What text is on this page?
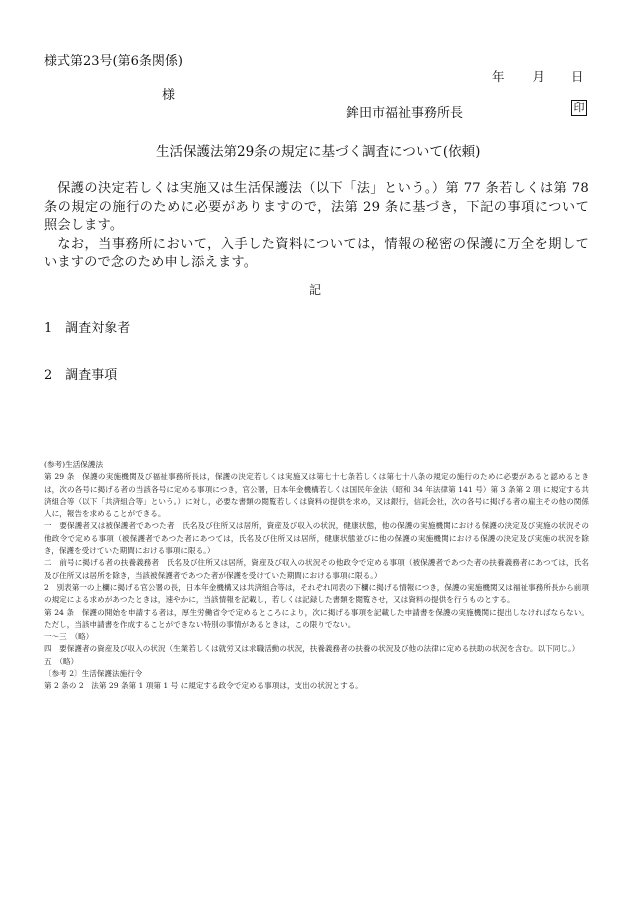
様式第23号(第6条関係)
年 月 日
様
鉾田市福祉事務所長	印
生活保護法第29条の規定に基づく調査について(依頼)

保護の決定若しくは実施又は生活保護法（以下「法」という。）第 77 条若しくは第 78 条の規定の施行のために必要がありますので，法第 29 条に基づき，下記の事項について照会します。

なお，当事務所において，入手した資料については，情報の秘密の保護に万全を期していますので念のため申し添えます。

記
1　調査対象者
2　調査事項
(参考)生活保護法
第 29 条　保護の実施機関及び福祉事務所長は，保護の決定若しくは実施又は第七十七条若しくは第七十八条の規定の施行のために必要があると認めるときは，次の各号に掲げる者の当該各号に定める事項につき，官公署，日本年金機構若しくは国民年金法（昭和 34 年法律第 141 号）第 3 条第 2 項 に規定する共済組合等（以下「共済組合等」という。）に対し，必要な書類の閲覧若しくは資料の提供を求め，又は銀行，信託会社，次の各号に掲げる者の雇主その他の関係人に，報告を求めることができる。
一　要保護者又は被保護者であつた者　氏名及び住所又は居所，資産及び収入の状況，健康状態，他の保護の実施機関における保護の決定及び実施の状況その他政令で定める事項（被保護者であつた者にあつては，氏名及び住所又は居所，健康状態並びに他の保護の実施機関における保護の決定及び実施の状況を除き，保護を受けていた期間における事項に限る。）
二　前号に掲げる者の扶養義務者　氏名及び住所又は居所，資産及び収入の状況その他政令で定める事項（被保護者であつた者の扶養義務者にあつては，氏名及び住所又は居所を除き，当該被保護者であつた者が保護を受けていた期間における事項に限る。）
2　別表第一の上欄に掲げる官公署の長，日本年金機構又は共済組合等は，それぞれ同表の下欄に掲げる情報につき，保護の実施機関又は福祉事務所長から前項の規定による求めがあつたときは，速やかに，当該情報を記載し，若しくは記録した書類を閲覧させ，又は資料の提供を行うものとする。
第 24 条　保護の開始を申請する者は，厚生労働省令で定めるところにより，次に掲げる事項を記載した申請書を保護の実施機関に提出しなければならない。ただし，当該申請書を作成することができない特別の事情があるときは，この限りでない。
一～三　（略）
四　要保護者の資産及び収入の状況（生業若しくは就労又は求職活動の状況，扶養義務者の扶養の状況及び他の法律に定める扶助の状況を含む。以下同じ。）
五　（略）
〔参考 2〕生活保護法施行令
第 2 条の 2　法第 29 条第 1 項第 1 号 に規定する政令で定める事項は，支出の状況とする。
